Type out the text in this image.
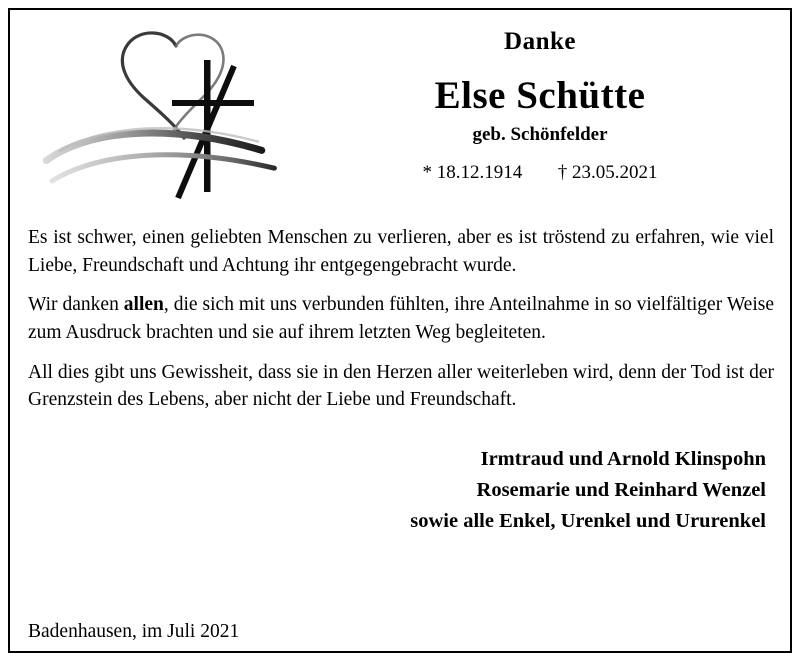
Danke
Else Schütte
geb. Schönfelder
* 18.12.1914 † 23.05.2021

Es ist schwer, einen geliebten Menschen zu verlieren, aber es ist tröstend zu erfahren, wie viel Liebe, Freundschaft und Achtung ihr entgegengebracht wurde.

Wir danken allen, die sich mit uns verbunden fühlten, ihre Anteilnahme in so vielfältiger Weise zum Ausdruck brachten und sie auf ihrem letzten Weg begleiteten.

All dies gibt uns Gewissheit, dass sie in den Herzen aller weiterleben wird, denn der Tod ist der Grenzstein des Lebens, aber nicht der Liebe und Freundschaft.

Irmtraud und Arnold Klinspohn
Rosemarie und Reinhard Wenzel
sowie alle Enkel, Urenkel und Ururenkel
Badenhausen, im Juli 2021
